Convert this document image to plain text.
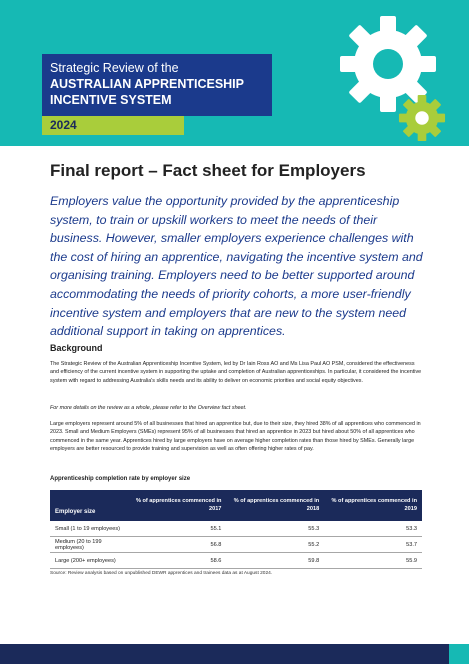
Strategic Review of the
AUSTRALIAN APPRENTICESHIP
INCENTIVE SYSTEM
2024
Final report – Fact sheet for Employers
Employers value the opportunity provided by the apprenticeship system, to train or upskill workers to meet the needs of their business. However, smaller employers experience challenges with the cost of hiring an apprentice, navigating the incentive system and organising training. Employers need to be better supported around accommodating the needs of priority cohorts, a more user-friendly incentive system and employers that are new to the system need additional support in taking on apprentices.
Background
The Strategic Review of the Australian Apprenticeship Incentive System, led by Dr Iain Ross AO and Ms Lisa Paul AO PSM, considered the effectiveness and efficiency of the current incentive system in supporting the uptake and completion of Australian apprenticeships. In particular, it considered the incentive system with regard to addressing Australia's skills needs and its ability to deliver on economic priorities and social equity objectives.
For more details on the review as a whole, please refer to the Overview fact sheet.
Large employers represent around 5% of all businesses that hired an apprentice but, due to their size, they hired 38% of all apprentices who commenced in 2023. Small and Medium Employers (SMEs) represent 95% of all businesses that hired an apprentice in 2023 but hired about 50% of all apprentices who commenced in the same year. Apprentices hired by large employers have on average higher completion rates than those hired by SMEs. Generally large employers are better resourced to provide training and supervision as well as often offering higher rates of pay.
Apprenticeship completion rate by employer size
Employer size	% of apprentices commenced in 2017	% of apprentices commenced in 2018	% of apprentices commenced in 2019
Small (1 to 19 employees)	55.1	55.3	53.3
Medium (20 to 199 employees)	56.8	55.2	53.7
Large (200+ employees)	58.6	59.8	55.9
Source: Review analysis based on unpublished DEWR apprentices and trainees data as at August 2024.
